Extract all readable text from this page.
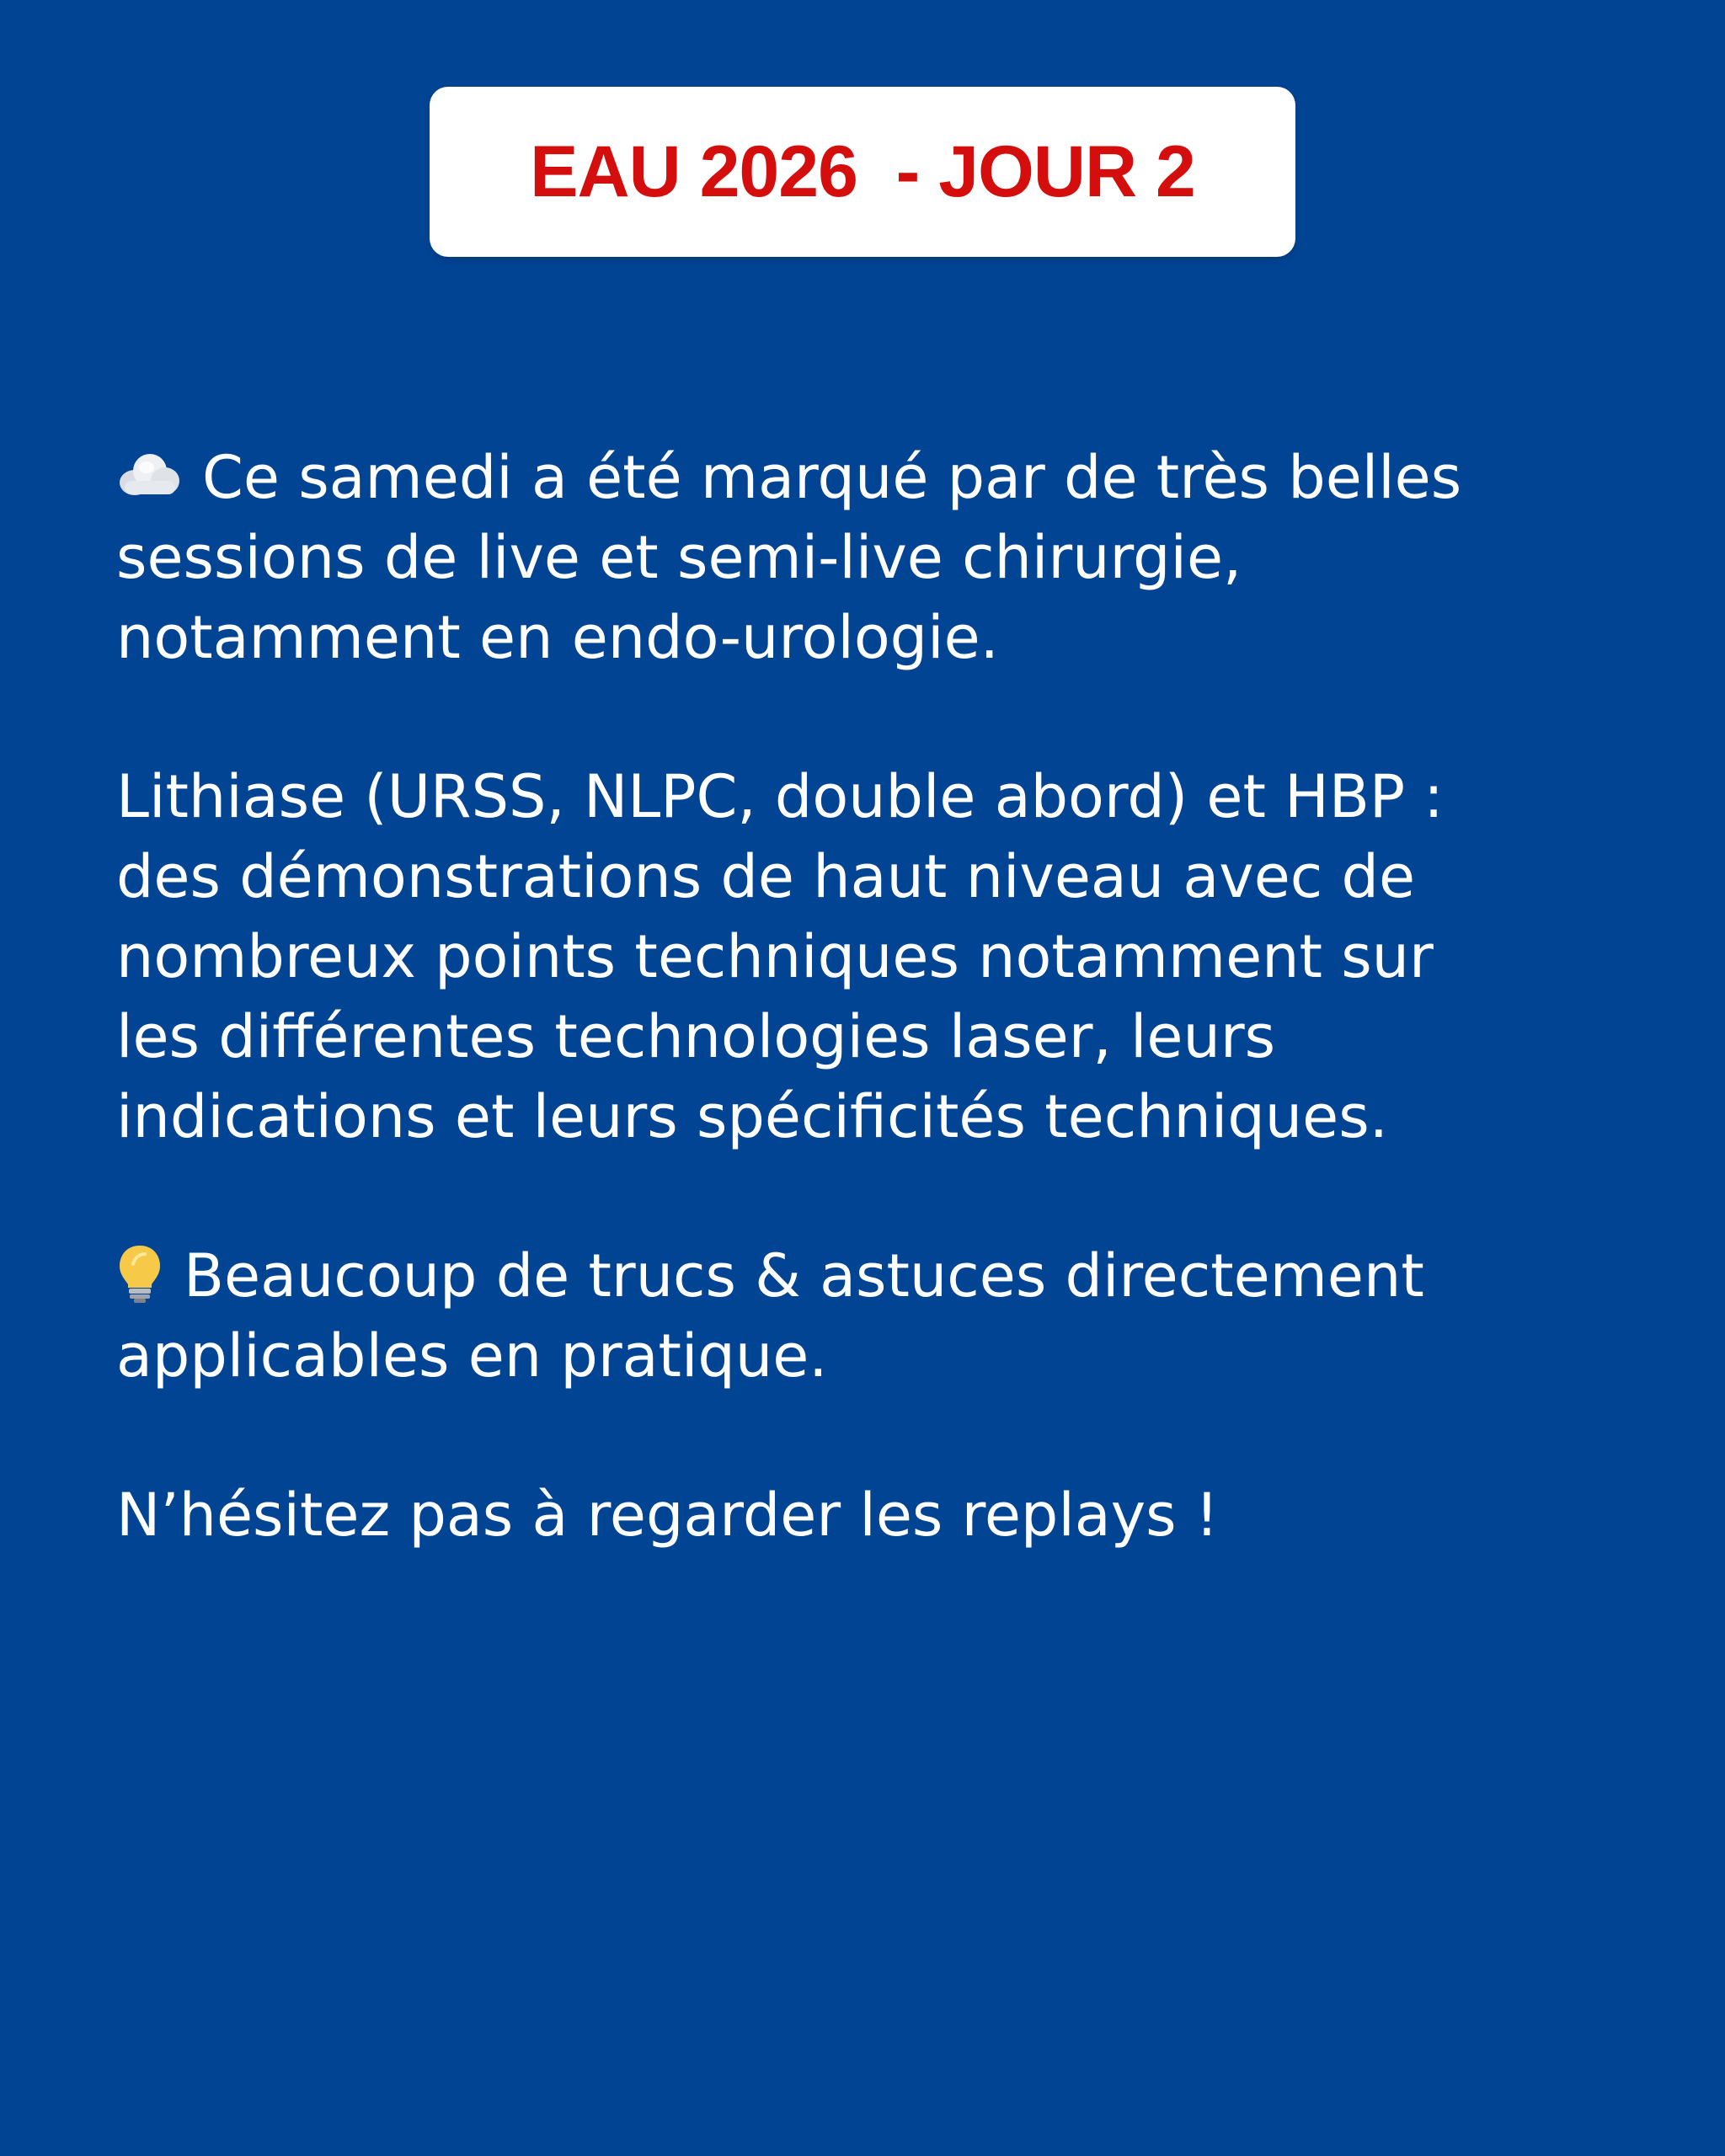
EAU 2026  - JOUR 2

Ce samedi a été marqué par de très belles
sessions de live et semi-live chirurgie,
notamment en endo-urologie.

Lithiase (URSS, NLPC, double abord) et HBP :
des démonstrations de haut niveau avec de
nombreux points techniques notamment sur
les différentes technologies laser, leurs
indications et leurs spécificités techniques.

Beaucoup de trucs & astuces directement
applicables en pratique.

N’hésitez pas à regarder les replays !
